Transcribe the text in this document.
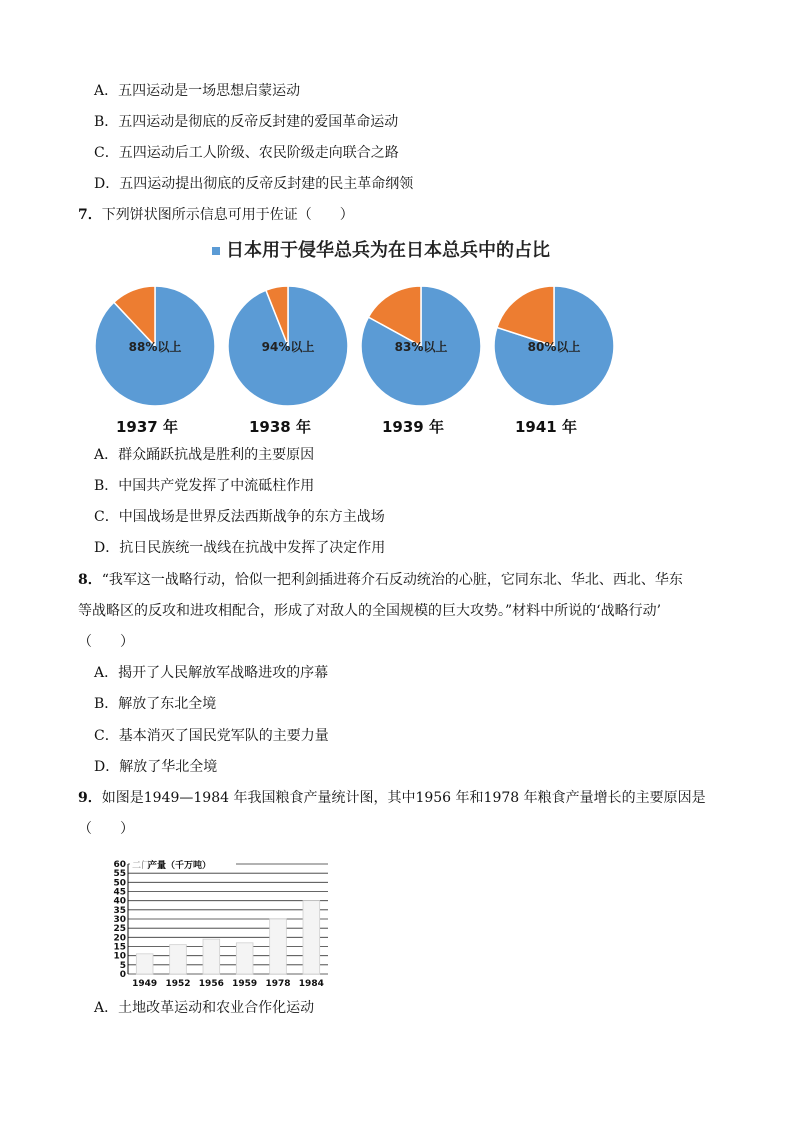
A．五四运动是一场思想启蒙运动
B．五四运动是彻底的反帝反封建的爱国革命运动
C．五四运动后工人阶级、农民阶级走向联合之路
D．五四运动提出彻底的反帝反封建的民主革命纲领
7．下列饼状图所示信息可用于佐证（　　）
日本用于侵华总兵为在日本总兵中的占比
88%以上
1937 年
94%以上
1938 年
83%以上
1939 年
80%以上
1941 年
A．群众踊跃抗战是胜利的主要原因
B．中国共产党发挥了中流砥柱作用
C．中国战场是世界反法西斯战争的东方主战场
D．抗日民族统一战线在抗战中发挥了决定作用
8．“我军这一战略行动，恰似一把利剑插进蒋介石反动统治的心脏，它同东北、华北、西北、华东
等战略区的反攻和进攻相配合，形成了对敌人的全国规模的巨大攻势。”材料中所说的‘战略行动’
（　　）
A．揭开了人民解放军战略进攻的序幕
B．解放了东北全境
C．基本消灭了国民党军队的主要力量
D．解放了华北全境
9．如图是1949—1984 年我国粮食产量统计图，其中1956 年和1978 年粮食产量增长的主要原因是
（　　）
60
55
50
45
40
35
30
25
20
15
10
5
0
二门
产量（千万吨）
1949 1952 1956 1959 1978 1984
A．土地改革运动和农业合作化运动
